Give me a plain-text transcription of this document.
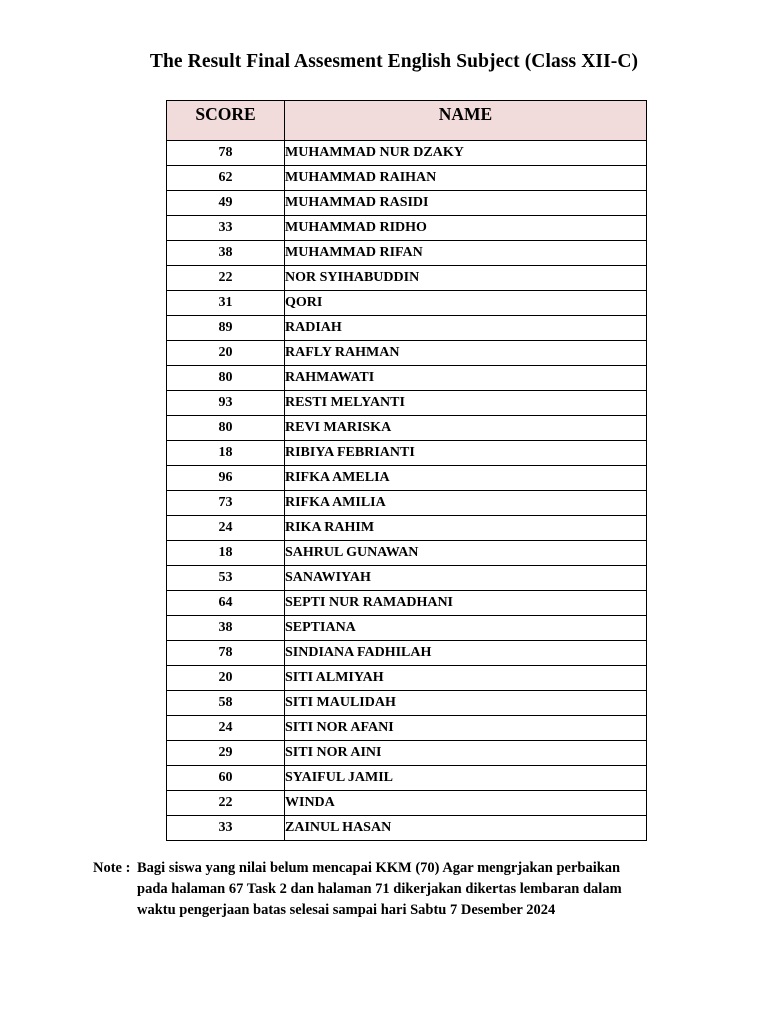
The Result Final Assesment English Subject (Class XII-C)
SCORE	NAME
78	MUHAMMAD NUR DZAKY
62	MUHAMMAD RAIHAN
49	MUHAMMAD RASIDI
33	MUHAMMAD RIDHO
38	MUHAMMAD RIFAN
22	NOR SYIHABUDDIN
31	QORI
89	RADIAH
20	RAFLY RAHMAN
80	RAHMAWATI
93	RESTI MELYANTI
80	REVI MARISKA
18	RIBIYA FEBRIANTI
96	RIFKA AMELIA
73	RIFKA AMILIA
24	RIKA RAHIM
18	SAHRUL GUNAWAN
53	SANAWIYAH
64	SEPTI NUR RAMADHANI
38	SEPTIANA
78	SINDIANA FADHILAH
20	SITI ALMIYAH
58	SITI MAULIDAH
24	SITI NOR AFANI
29	SITI NOR AINI
60	SYAIFUL JAMIL
22	WINDA
33	ZAINUL HASAN
Note : Bagi siswa yang nilai belum mencapai KKM (70) Agar mengrjakan perbaikan
pada halaman 67 Task 2 dan halaman 71 dikerjakan dikertas lembaran dalam
waktu pengerjaan batas selesai sampai hari Sabtu 7 Desember 2024
